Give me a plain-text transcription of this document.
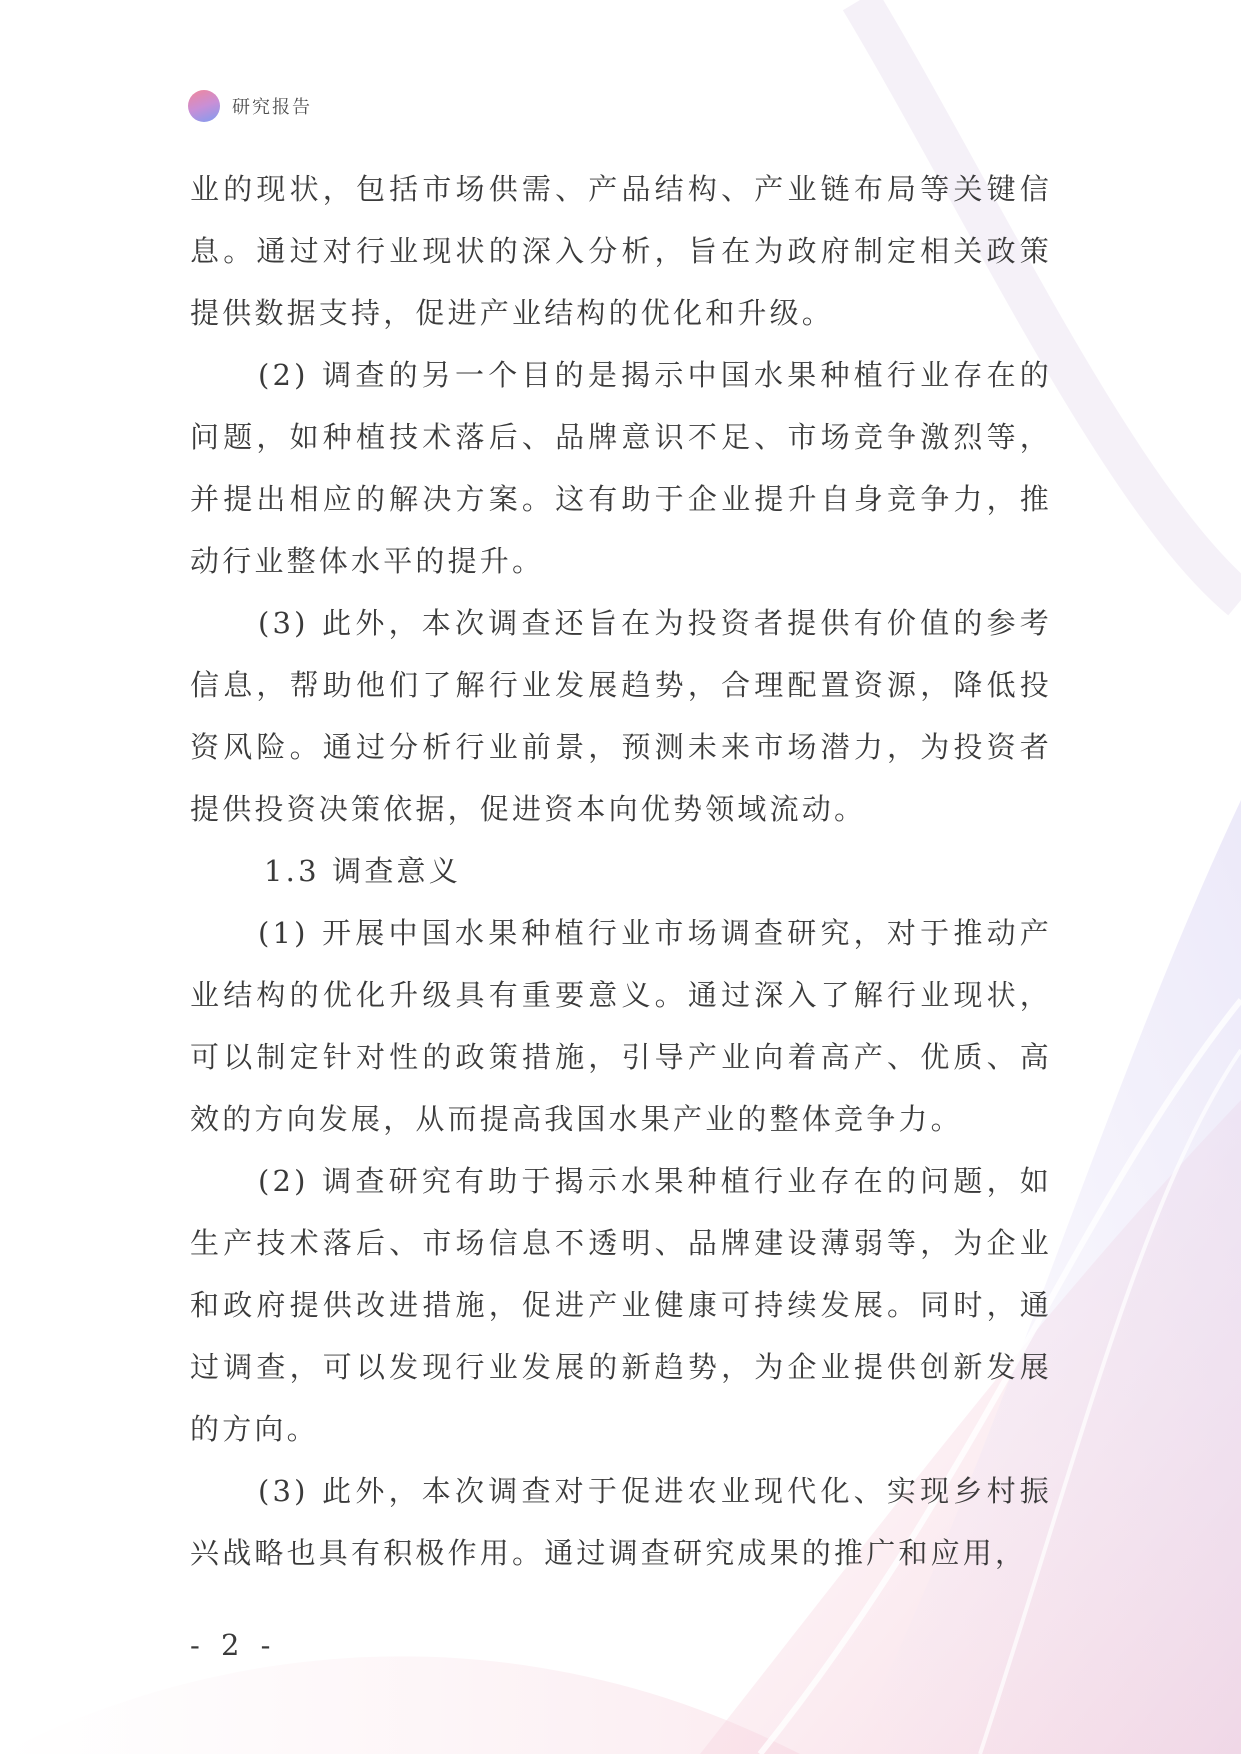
研究报告

业的现状，包括市场供需、产品结构、产业链布局等关键信息。通过对行业现状的深入分析，旨在为政府制定相关政策提供数据支持，促进产业结构的优化和升级。

(2) 调查的另一个目的是揭示中国水果种植行业存在的问题，如种植技术落后、品牌意识不足、市场竞争激烈等，并提出相应的解决方案。这有助于企业提升自身竞争力，推动行业整体水平的提升。

(3) 此外，本次调查还旨在为投资者提供有价值的参考信息，帮助他们了解行业发展趋势，合理配置资源，降低投资风险。通过分析行业前景，预测未来市场潜力，为投资者提供投资决策依据，促进资本向优势领域流动。

1.3 调查意义

(1) 开展中国水果种植行业市场调查研究，对于推动产业结构的优化升级具有重要意义。通过深入了解行业现状，可以制定针对性的政策措施，引导产业向着高产、优质、高效的方向发展，从而提高我国水果产业的整体竞争力。

(2) 调查研究有助于揭示水果种植行业存在的问题，如生产技术落后、市场信息不透明、品牌建设薄弱等，为企业和政府提供改进措施，促进产业健康可持续发展。同时，通过调查，可以发现行业发展的新趋势，为企业提供创新发展的方向。

(3) 此外，本次调查对于促进农业现代化、实现乡村振兴战略也具有积极作用。通过调查研究成果的推广和应用，

- 2 -
